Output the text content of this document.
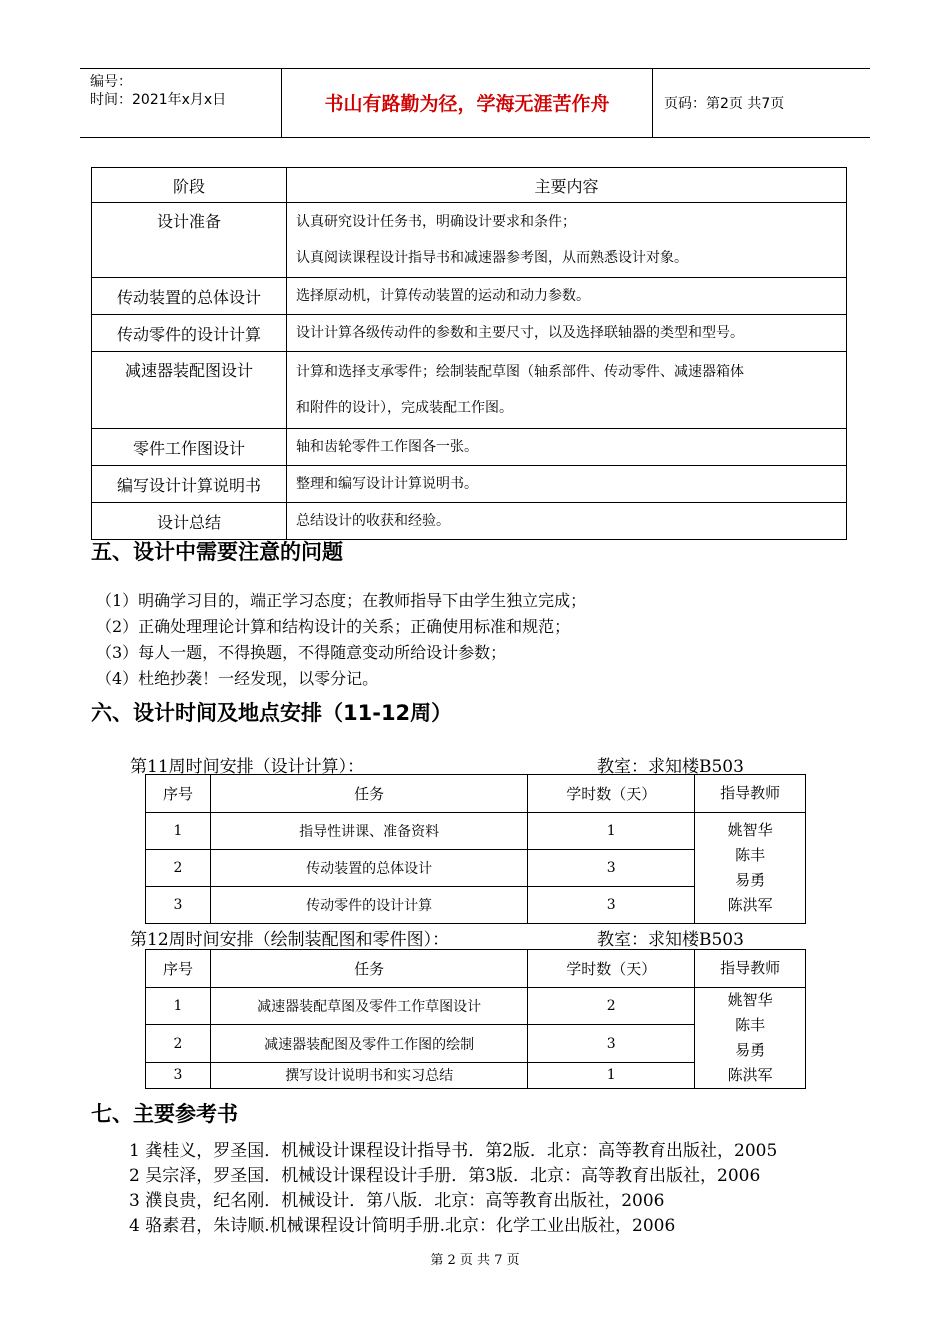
编号：
时间：2021年x月x日	书山有路勤为径，学海无涯苦作舟	页码：第2页 共7页
阶段	主要内容
设计准备	认真研究设计任务书，明确设计要求和条件；
认真阅读课程设计指导书和减速器参考图，从而熟悉设计对象。

传动装置的总体设计	选择原动机，计算传动装置的运动和动力参数。

传动零件的设计计算	设计计算各级传动件的参数和主要尺寸，以及选择联轴器的类型和型号。

减速器装配图设计	计算和选择支承零件；绘制装配草图（轴系部件、传动零件、减速器箱体
和附件的设计），完成装配工作图。

零件工作图设计	轴和齿轮零件工作图各一张。

编写设计计算说明书	整理和编写设计计算说明书。

设计总结	总结设计的收获和经验。
五、设计中需要注意的问题
（1）明确学习目的，端正学习态度；在教师指导下由学生独立完成；
（2）正确处理理论计算和结构设计的关系；正确使用标准和规范；
（3）每人一题，不得换题，不得随意变动所给设计参数；
（4）杜绝抄袭！一经发现，以零分记。
六、设计时间及地点安排（11-12周）
第11周时间安排（设计计算）：	教室：求知楼B503
序号	任务	学时数（天）	指导教师
1	指导性讲课、准备资料	1	姚智华
陈丰
易勇
陈洪军

2	传动装置的总体设计	3	
3	传动零件的设计计算	3	
第12周时间安排（绘制装配图和零件图）：	教室：求知楼B503
序号	任务	学时数（天）	指导教师
1	减速器装配草图及零件工作草图设计	2	姚智华
陈丰
易勇
陈洪军

2	减速器装配图及零件工作图的绘制	3	
3	撰写设计说明书和实习总结	1	
七、主要参考书
1 龚桂义，罗圣国．机械设计课程设计指导书．第2版．北京：高等教育出版社，2005
2 吴宗泽，罗圣国．机械设计课程设计手册．第3版．北京：高等教育出版社，2006
3 濮良贵，纪名刚．机械设计．第八版．北京：高等教育出版社，2006
4 骆素君，朱诗顺.机械课程设计简明手册.北京：化学工业出版社，2006
第 2 页 共 7 页
